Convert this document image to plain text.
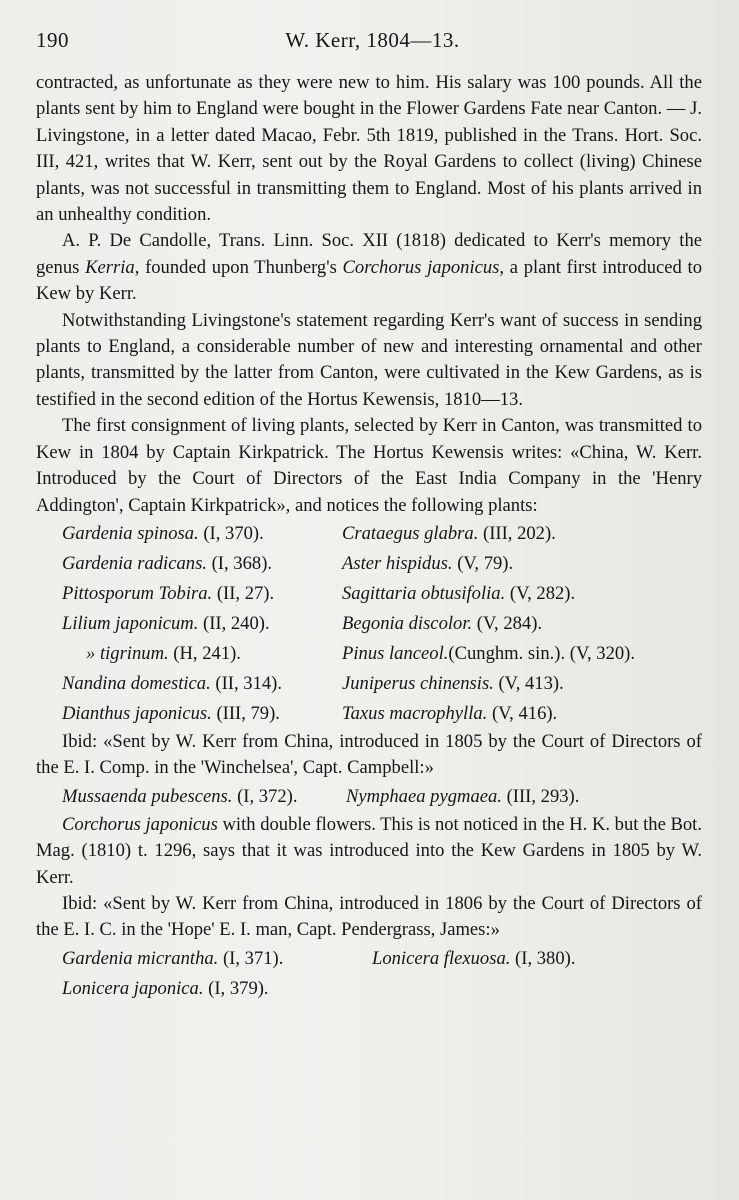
190	W. Kerr, 1804—13.

contracted, as unfortunate as they were new to him. His salary was 100 pounds. All the plants sent by him to England were bought in the Flower Gardens Fate near Canton. — J. Livingstone, in a letter dated Macao, Febr. 5th 1819, published in the Trans. Hort. Soc. III, 421, writes that W. Kerr, sent out by the Royal Gardens to collect (living) Chinese plants, was not successful in transmitting them to England. Most of his plants arrived in an unhealthy condition.

A. P. De Candolle, Trans. Linn. Soc. XII (1818) dedicated to Kerr's memory the genus Kerria, founded upon Thunberg's Corchorus japonicus, a plant first introduced to Kew by Kerr.

Notwithstanding Livingstone's statement regarding Kerr's want of success in sending plants to England, a considerable number of new and interesting ornamental and other plants, transmitted by the latter from Canton, were cultivated in the Kew Gardens, as is testified in the second edition of the Hortus Kewensis, 1810—13.

The first consignment of living plants, selected by Kerr in Canton, was transmitted to Kew in 1804 by Captain Kirkpatrick. The Hortus Kewensis writes: «China, W. Kerr. Introduced by the Court of Directors of the East India Company in the 'Henry Addington', Captain Kirkpatrick», and notices the following plants:

Gardenia spinosa. (I, 370).	Crataegus glabra. (III, 202).
Gardenia radicans. (I, 368).	Aster hispidus. (V, 79).
Pittosporum Tobira. (II, 27).	Sagittaria obtusifolia. (V, 282).
Lilium japonicum. (II, 240).	Begonia discolor. (V, 284).
» tigrinum. (H, 241).	Pinus lanceol.(Cunghm. sin.). (V, 320).
Nandina domestica. (II, 314).	Juniperus chinensis. (V, 413).
Dianthus japonicus. (III, 79).	Taxus macrophylla. (V, 416).

Ibid: «Sent by W. Kerr from China, introduced in 1805 by the Court of Directors of the E. I. Comp. in the 'Winchelsea', Capt. Campbell:»

Mussaenda pubescens. (I, 372).	Nymphaea pygmaea. (III, 293).

Corchorus japonicus with double flowers. This is not noticed in the H. K. but the Bot. Mag. (1810) t. 1296, says that it was introduced into the Kew Gardens in 1805 by W. Kerr.

Ibid: «Sent by W. Kerr from China, introduced in 1806 by the Court of Directors of the E. I. C. in the 'Hope' E. I. man, Capt. Pendergrass, James:»

Gardenia micrantha. (I, 371).	Lonicera flexuosa. (I, 380).
Lonicera japonica. (I, 379).
